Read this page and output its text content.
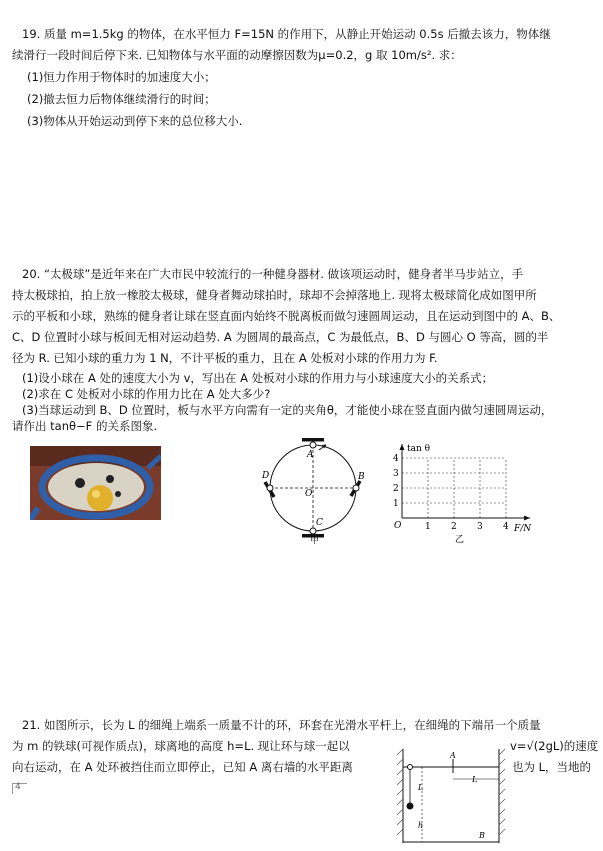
19. 质量 m=1.5kg 的物体，在水平恒力 F=15N 的作用下，从静止开始运动 0.5s 后撤去该力，物体继

续滑行一段时间后停下来. 已知物体与水平面的动摩擦因数为μ=0.2，g 取 10m/s². 求：

(1)恒力作用于物体时的加速度大小；

(2)撤去恒力后物体继续滑行的时间；

(3)物体从开始运动到停下来的总位移大小.

20. “太极球”是近年来在广大市民中较流行的一种健身器材. 做该项运动时，健身者半马步站立，手

持太极球拍，拍上放一橡胶太极球，健身者舞动球拍时，球却不会掉落地上. 现将太极球简化成如图甲所

示的平板和小球，熟练的健身者让球在竖直面内始终不脱离板而做匀速圆周运动，且在运动到图中的 A、B、

C、D 位置时小球与板间无相对运动趋势. A 为圆周的最高点，C 为最低点，B、D 与圆心 O 等高，圆的半

径为 R. 已知小球的重力为 1 N，不计平板的重力，且在 A 处板对小球的作用力为 F.

(1)设小球在 A 处的速度大小为 v，写出在 A 处板对小球的作用力与小球速度大小的关系式；

(2)求在 C 处板对小球的作用力比在 A 处大多少?

(3)当球运动到 B、D 位置时，板与水平方向需有一定的夹角θ，才能使小球在竖直面内做匀速圆周运动，

请作出 tanθ−F 的关系图象.

A
B
C
D
O
甲
tan θ
F/N
O	1 2 3 4
1
2
3
4
乙

21. 如图所示，长为 L 的细绳上端系一质量不计的环，环套在光滑水平杆上，在细绳的下端吊一个质量

为 m 的铁球(可视作质点)，球离地的高度 h=L. 现让环与球一起以	v=√(2gL)的速度

向右运动，在 A 处环被挡住而立即停止，已知 A 离右墙的水平距离	也为 L，当地的

A
L
L
h
B
4
